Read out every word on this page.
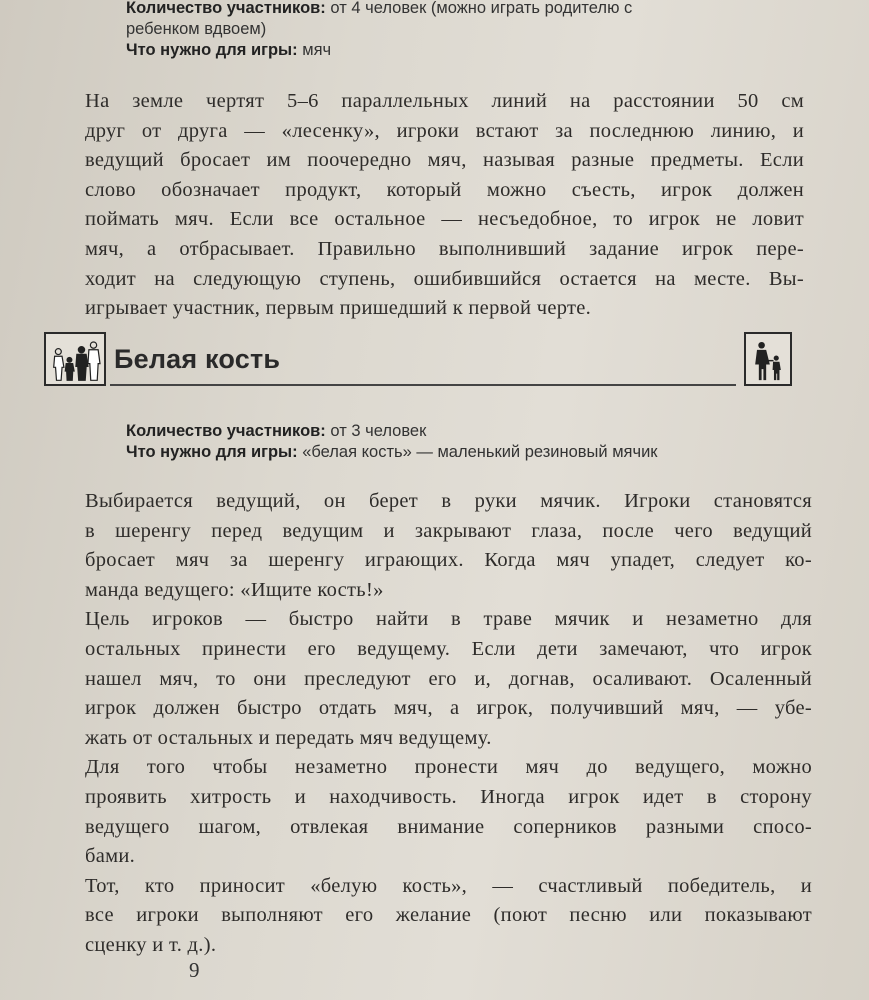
Количество участников: от 4 человек (можно играть родителю с
ребенком вдвоем)
Что нужно для игры: мяч

На земле чертят 5–6 параллельных линий на расстоянии 50 см
друг от друга — «лесенку», игроки встают за последнюю линию, и
ведущий бросает им поочередно мяч, называя разные предметы. Если
слово обозначает продукт, который можно съесть, игрок должен
поймать мяч. Если все остальное — несъедобное, то игрок не ловит
мяч, а отбрасывает. Правильно выполнивший задание игрок пере-
ходит на следующую ступень, ошибившийся остается на месте. Вы-
игрывает участник, первым пришедший к первой черте.

Белая кость
Количество участников: от 3 человек
Что нужно для игры: «белая кость» — маленький резиновый мячик

Выбирается ведущий, он берет в руки мячик. Игроки становятся
в шеренгу перед ведущим и закрывают глаза, после чего ведущий
бросает мяч за шеренгу играющих. Когда мяч упадет, следует ко-
манда ведущего: «Ищите кость!»

Цель игроков — быстро найти в траве мячик и незаметно для
остальных принести его ведущему. Если дети замечают, что игрок
нашел мяч, то они преследуют его и, догнав, осаливают. Осаленный
игрок должен быстро отдать мяч, а игрок, получивший мяч, — убе-
жать от остальных и передать мяч ведущему.

Для того чтобы незаметно пронести мяч до ведущего, можно
проявить хитрость и находчивость. Иногда игрок идет в сторону
ведущего шагом, отвлекая внимание соперников разными спосо-
бами.

Тот, кто приносит «белую кость», — счастливый победитель, и
все игроки выполняют его желание (поют песню или показывают
сценку и т. д.).

9
